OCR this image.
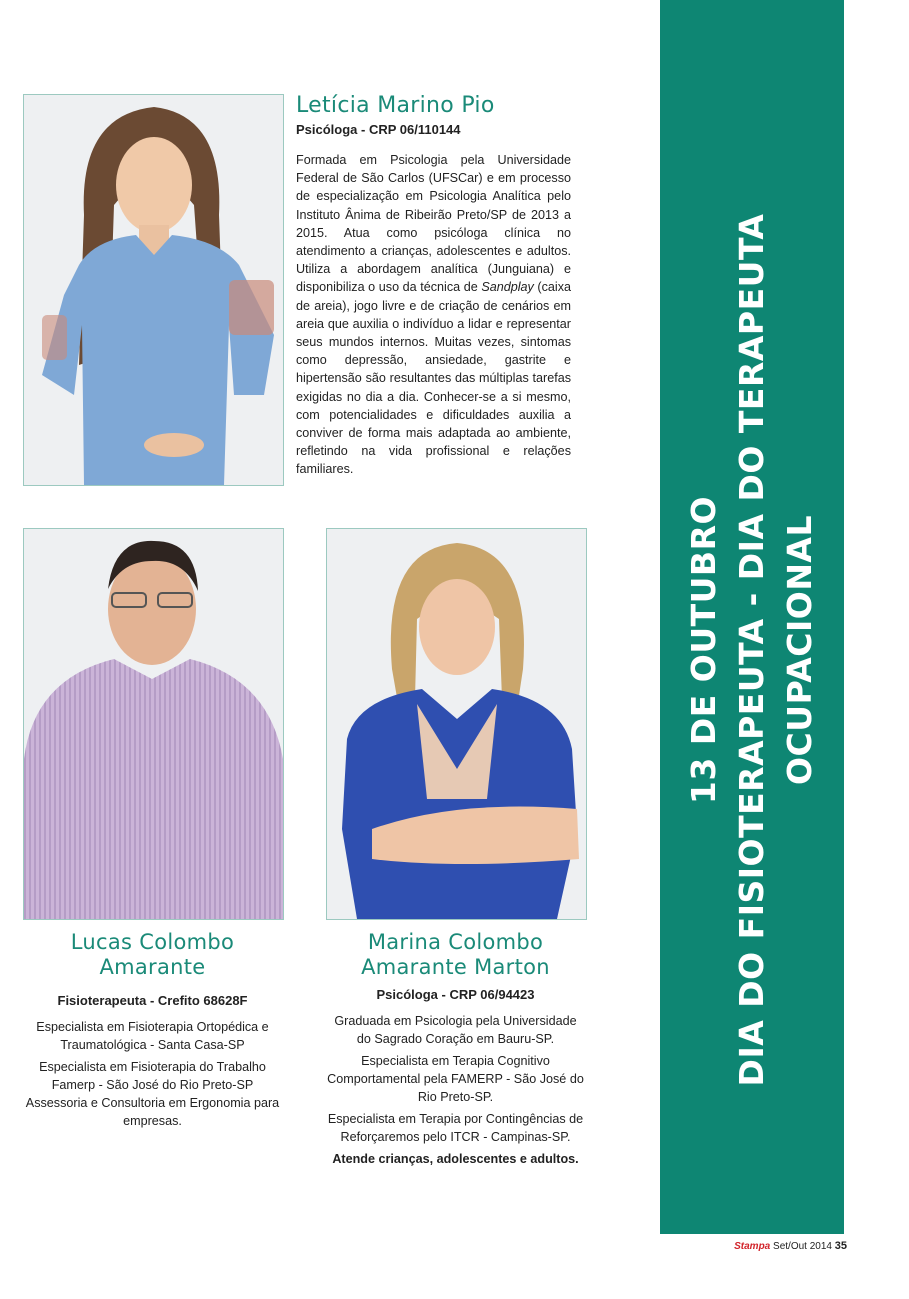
13 DE OUTUBRO DIA DO FISIOTERAPEUTA - DIA DO TERAPEUTA OCUPACIONAL
Letícia Marino Pio
Psicóloga - CRP 06/110144

Formada em Psicologia pela Universidade Federal de São Carlos (UFSCar) e em processo de especialização em Psicologia Analítica pelo Instituto Ânima de Ribeirão Preto/SP de 2013 a 2015. Atua como psicóloga clínica no atendimento a crianças, adolescentes e adultos. Utiliza a abordagem analítica (Junguiana) e disponibiliza o uso da técnica de Sandplay (caixa de areia), jogo livre e de criação de cenários em areia que auxilia o indivíduo a lidar e representar seus mundos internos. Muitas vezes, sintomas como depressão, ansiedade, gastrite e hipertensão são resultantes das múltiplas tarefas exigidas no dia a dia. Conhecer-se a si mesmo, com potencialidades e dificuldades auxilia a conviver de forma mais adaptada ao ambiente, refletindo na vida profissional e relações familiares.

Lucas Colombo
Amarante
Fisioterapeuta - Crefito 68628F

Especialista em Fisioterapia Ortopédica e Traumatológica - Santa Casa-SP

Especialista em Fisioterapia do Trabalho Famerp - São José do Rio Preto-SP Assessoria e Consultoria em Ergonomia para empresas.

Marina Colombo
Amarante Marton
Psicóloga - CRP 06/94423

Graduada em Psicologia pela Universidade do Sagrado Coração em Bauru-SP.

Especialista em Terapia Cognitivo Comportamental pela FAMERP - São José do Rio Preto-SP.

Especialista em Terapia por Contingências de Reforçaremos pelo ITCR - Campinas-SP.

Atende crianças, adolescentes e adultos.

Stampa Set/Out 2014 35
